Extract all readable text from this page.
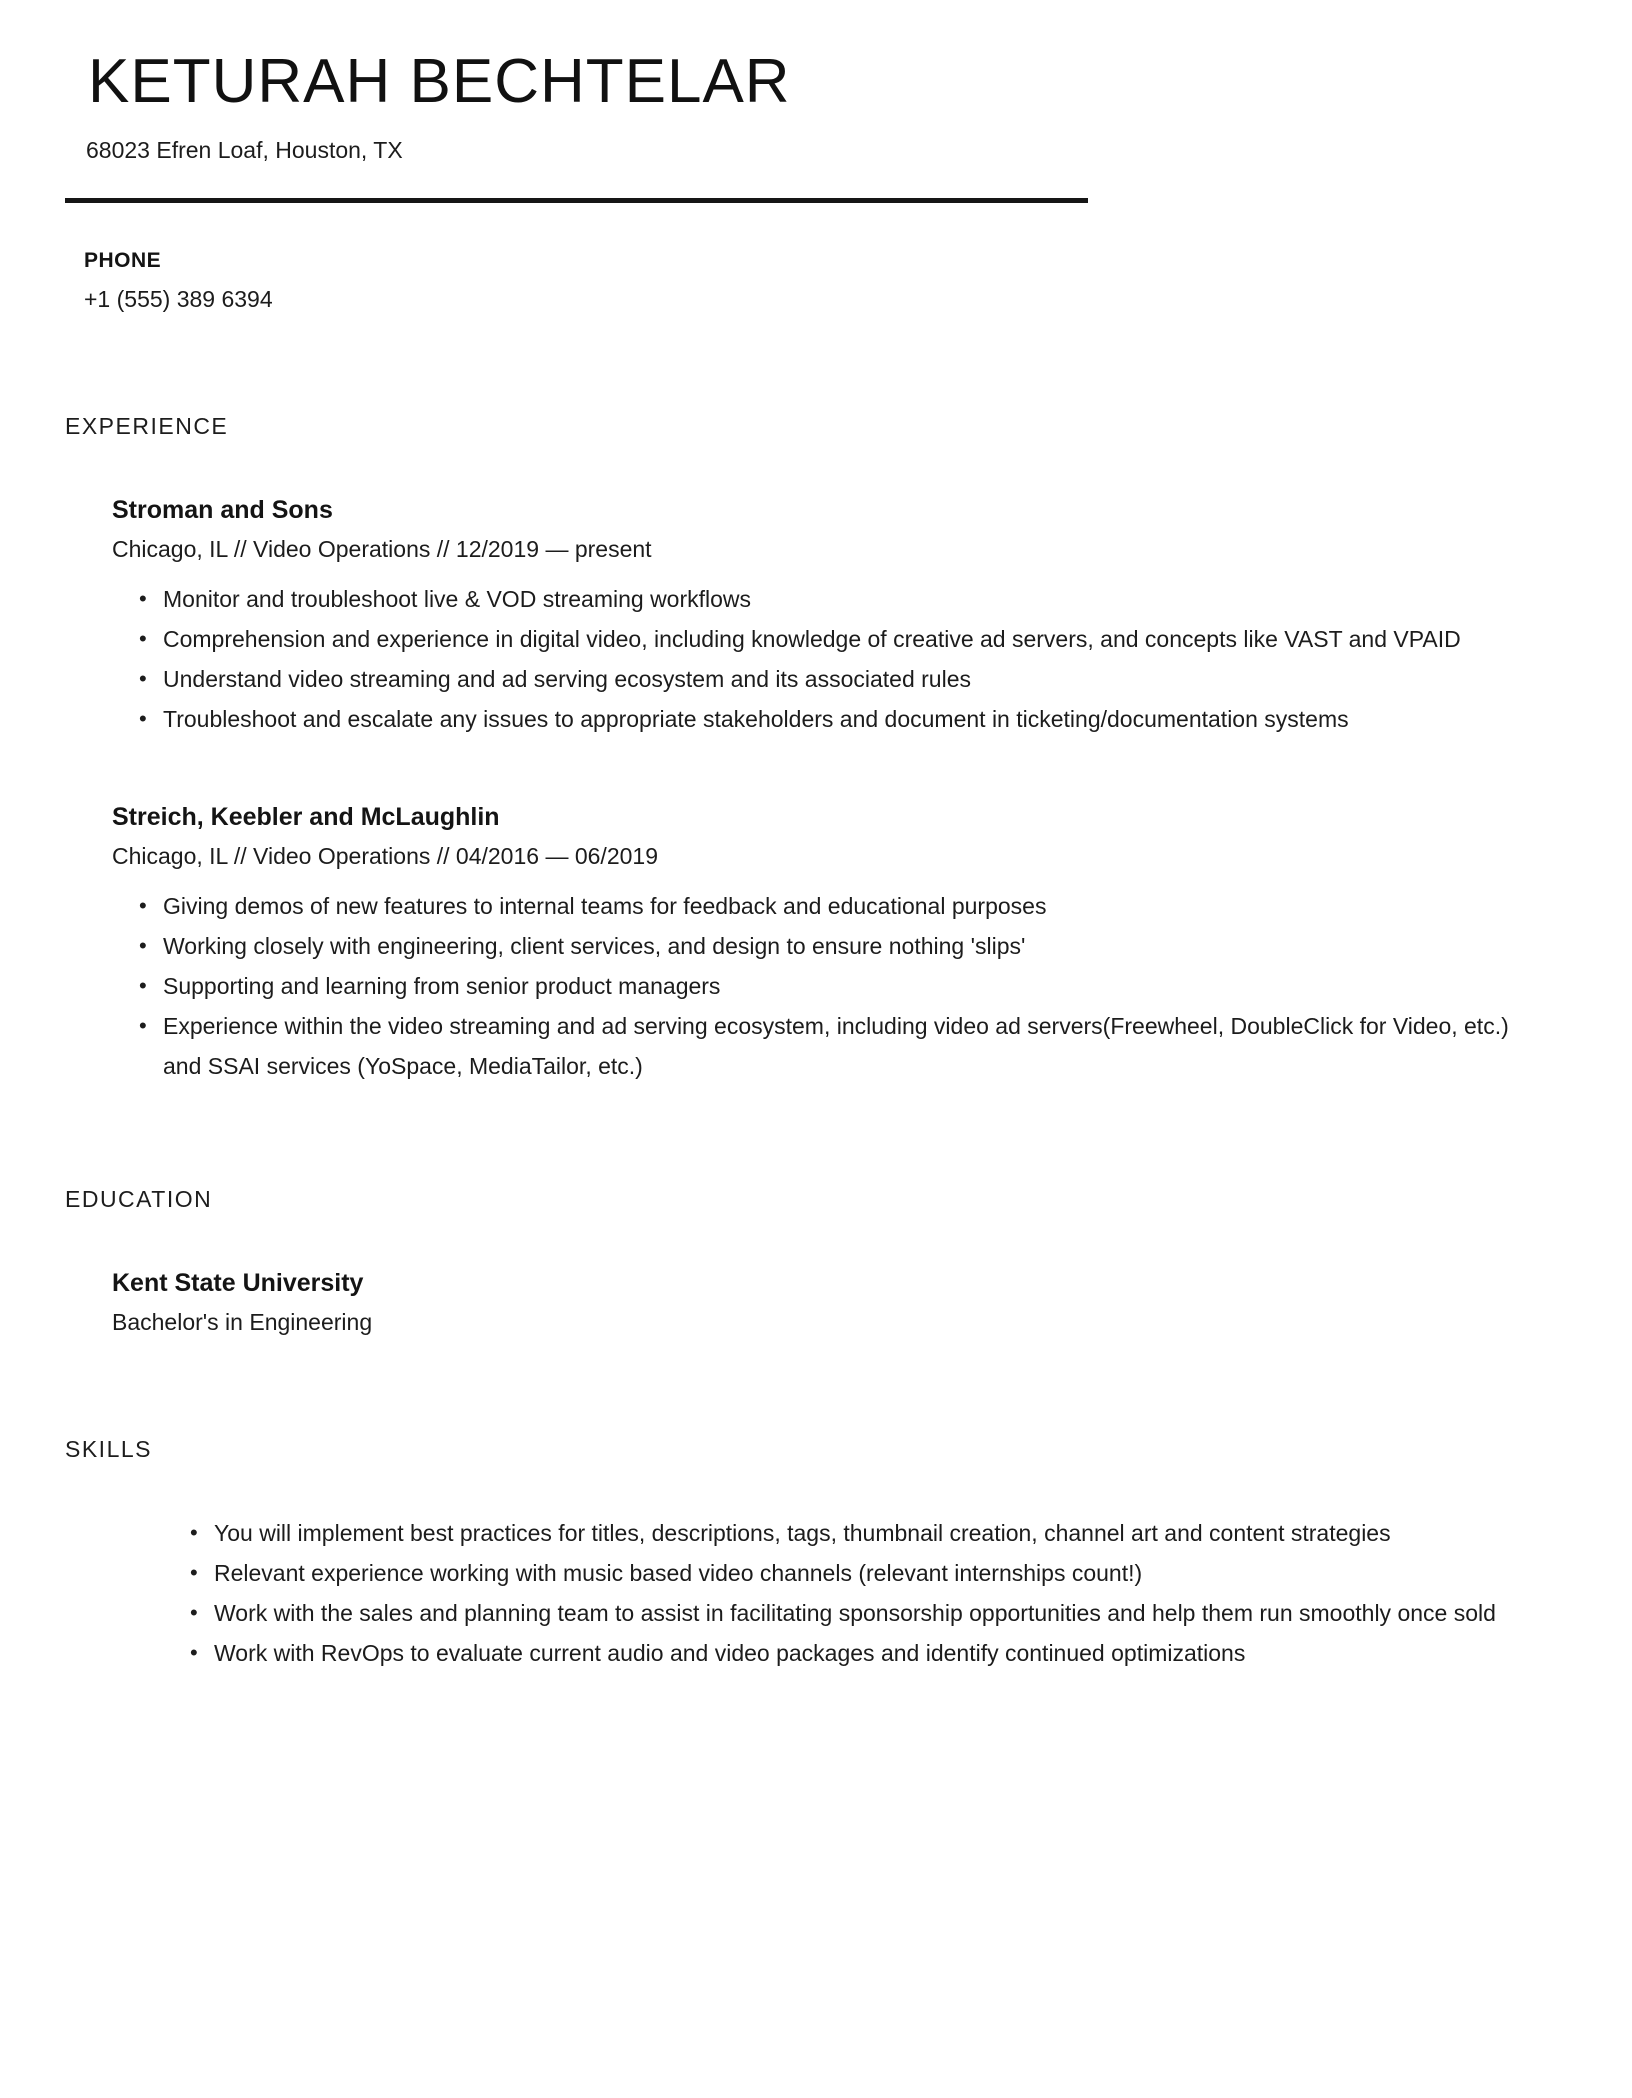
KETURAH BECHTELAR
68023 Efren Loaf, Houston, TX
PHONE
+1 (555) 389 6394
EXPERIENCE
Stroman and Sons
Chicago, IL // Video Operations // 12/2019 — present
• Monitor and troubleshoot live & VOD streaming workflows
• Comprehension and experience in digital video, including knowledge of creative ad servers, and concepts like VAST and VPAID
• Understand video streaming and ad serving ecosystem and its associated rules
• Troubleshoot and escalate any issues to appropriate stakeholders and document in ticketing/documentation systems
Streich, Keebler and McLaughlin
Chicago, IL // Video Operations // 04/2016 — 06/2019
• Giving demos of new features to internal teams for feedback and educational purposes
• Working closely with engineering, client services, and design to ensure nothing 'slips'
• Supporting and learning from senior product managers
• Experience within the video streaming and ad serving ecosystem, including video ad servers(Freewheel, DoubleClick for Video, etc.) and SSAI services (YoSpace, MediaTailor, etc.)
EDUCATION
Kent State University
Bachelor's in Engineering
SKILLS
• You will implement best practices for titles, descriptions, tags, thumbnail creation, channel art and content strategies
• Relevant experience working with music based video channels (relevant internships count!)
• Work with the sales and planning team to assist in facilitating sponsorship opportunities and help them run smoothly once sold
• Work with RevOps to evaluate current audio and video packages and identify continued optimizations
